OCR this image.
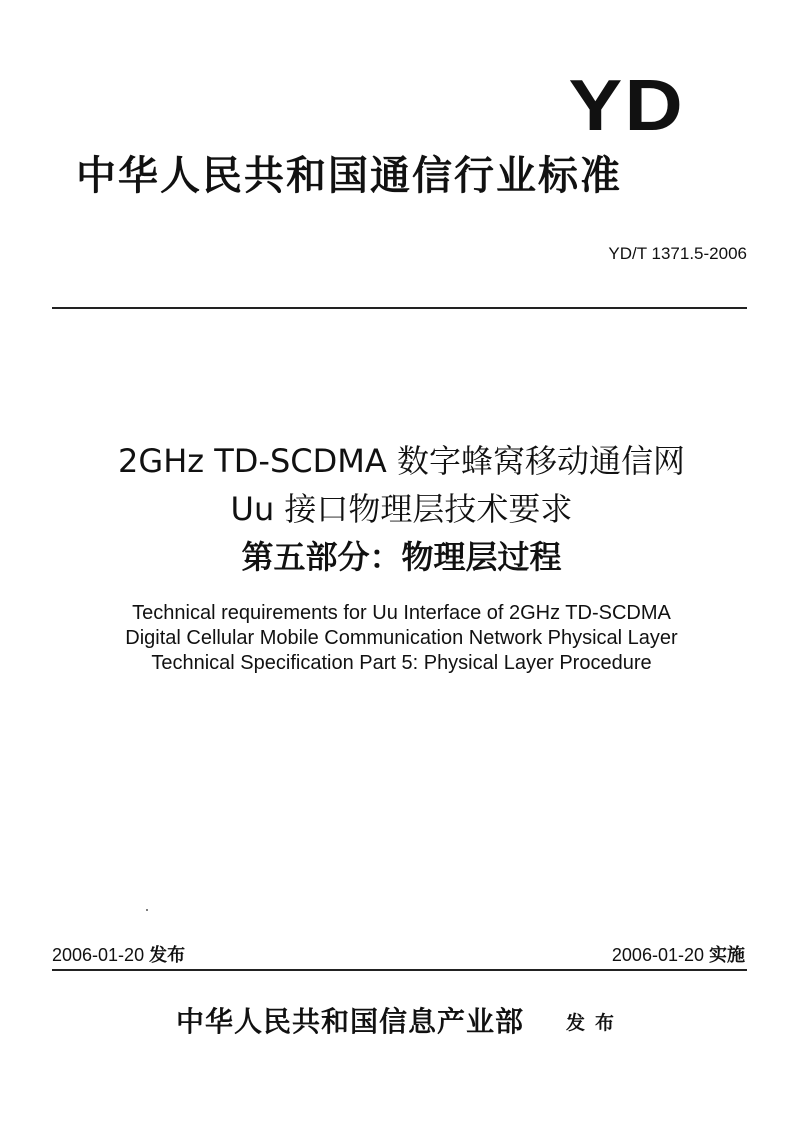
YD
中华人民共和国通信行业标准
YD/T 1371.5-2006
2GHz TD-SCDMA 数字蜂窝移动通信网
Uu 接口物理层技术要求
第五部分：物理层过程
Technical requirements for Uu Interface of 2GHz TD-SCDMA
Digital Cellular Mobile Communication Network Physical Layer
Technical Specification Part 5: Physical Layer Procedure
2006-01-20 发布	2006-01-20 实施
中华人民共和国信息产业部 发布
